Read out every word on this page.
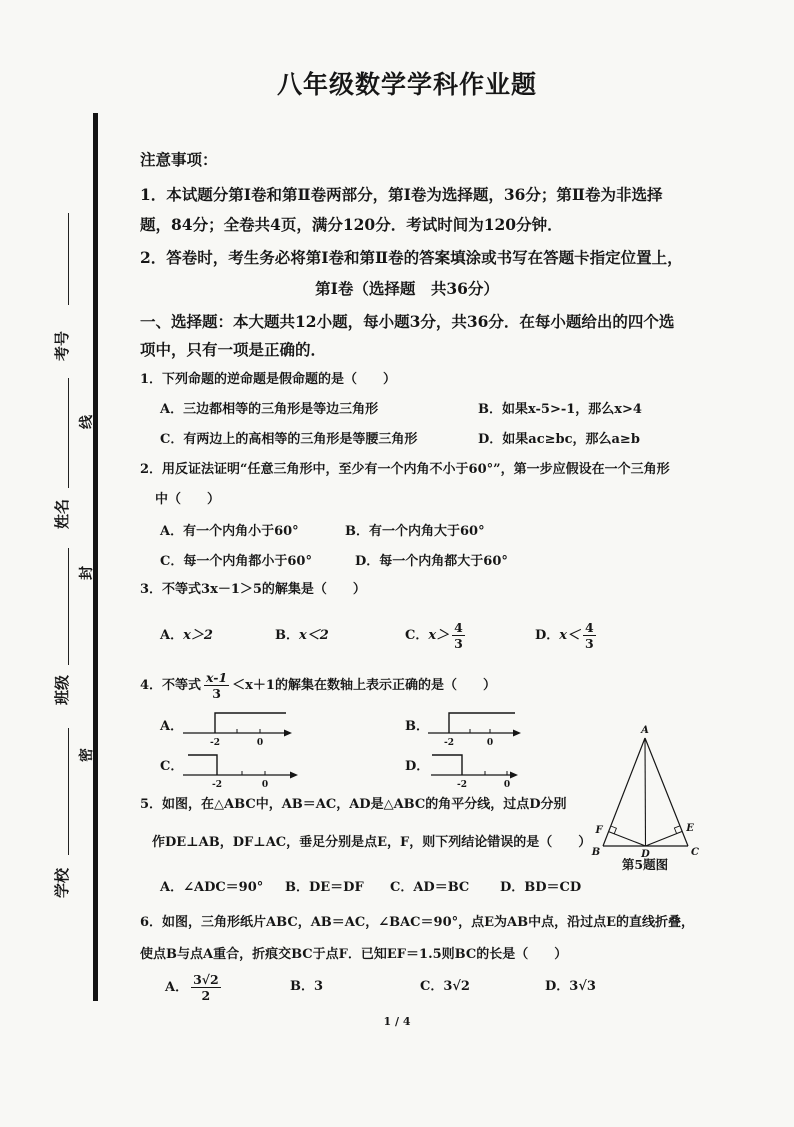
考号
线
姓名
封
班级
密
学校
八年级数学学科作业题
注意事项：
1．本试题分第Ⅰ卷和第Ⅱ卷两部分，第Ⅰ卷为选择题，36分；第Ⅱ卷为非选择
题，84分；全卷共4页，满分120分．考试时间为120分钟．
2．答卷时，考生务必将第Ⅰ卷和第Ⅱ卷的答案填涂或书写在答题卡指定位置上，
第Ⅰ卷（选择题　共36分）
一、选择题：本大题共12小题，每小题3分，共36分．在每小题给出的四个选
项中，只有一项是正确的．
1．下列命题的逆命题是假命题的是（　　）
A．三边都相等的三角形是等边三角形	B．如果x-5>-1，那么x>4
C．有两边上的高相等的三角形是等腰三角形	D．如果ac≥bc，那么a≥b
2．用反证法证明“任意三角形中，至少有一个内角不小于60°”，第一步应假设在一个三角形
中（　　）
A．有一个内角小于60°	B．有一个内角大于60°
C．每一个内角都小于60°	D．每一个内角都大于60°
3．不等式3x－1＞5的解集是（　　）
A． x＞2	B． x＜2	C． $x> \frac{4}{3}$	D． $x< \frac{4}{3}$
4．不等式 $\frac{x-1}{3} <x+1$的解集在数轴上表示正确的是（　　）
A．
-2	0
B．
-2	0
C．
-2	0
D．
-2	0
A
F	E
B	D	C
第5题图
5．如图，在△ABC中，AB＝AC，AD是△ABC的角平分线，过点D分别
作DE⊥AB，DF⊥AC，垂足分别是点E，F，则下列结论错误的是（　　）
A．∠ADC＝90° B．DE＝DF C．AD＝BC D．BD＝CD
6．如图，三角形纸片ABC，AB＝AC，∠BAC＝90°，点E为AB中点，沿过点E的直线折叠，
使点B与点A重合，折痕交BC于点F．已知EF＝1.5则BC的长是（　　）
A． $\frac{3√2}{2}$	B．3	C．3√2	D．3√3
1 / 4
